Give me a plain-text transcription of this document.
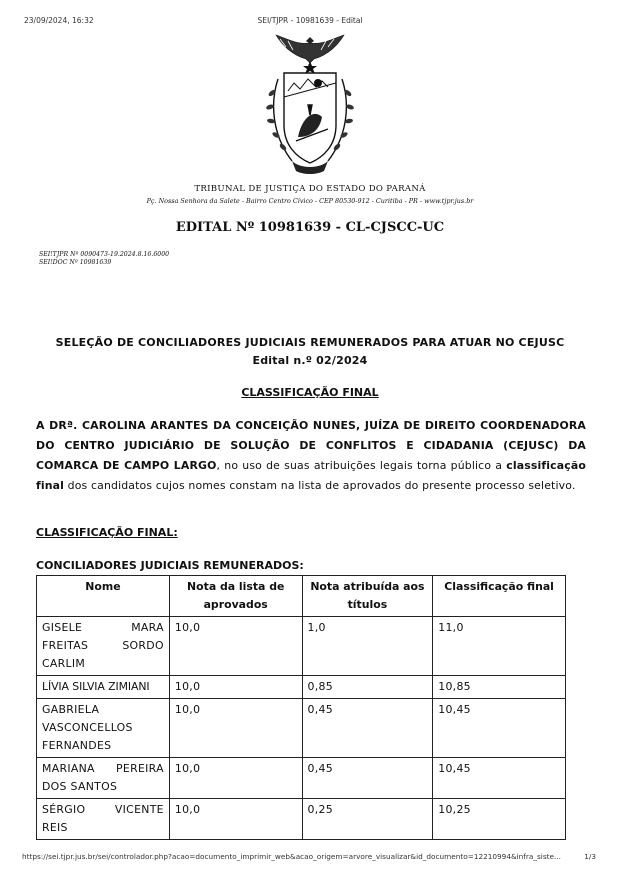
23/09/2024, 16:32	SEI/TJPR - 10981639 - Edital
TRIBUNAL DE JUSTIÇA DO ESTADO DO PARANÁ
Pç. Nossa Senhora da Salete - Bairro Centro Cívico - CEP 80530-912 - Curitiba - PR - www.tjpr.jus.br
EDITAL Nº 10981639 - CL-CJSCC-UC
SEI!TJPR Nº 0090473-19.2024.8.16.6000
SEI!DOC Nº 10981639
SELEÇÃO DE CONCILIADORES JUDICIAIS REMUNERADOS PARA ATUAR NO CEJUSC
Edital n.º 02/2024
CLASSIFICAÇÃO FINAL
A DRª. CAROLINA ARANTES DA CONCEIÇÃO NUNES, JUÍZA DE DIREITO COORDENADORA DO CENTRO JUDICIÁRIO DE SOLUÇÃO DE CONFLITOS E CIDADANIA (CEJUSC) DA COMARCA DE CAMPO LARGO, no uso de suas atribuições legais torna público a classificação final dos candidatos cujos nomes constam na lista de aprovados do presente processo seletivo.
CLASSIFICAÇÃO FINAL:
CONCILIADORES JUDICIAIS REMUNERADOS:
Nome	Nota da lista de aprovados	Nota atribuída aos títulos	Classificação final
GISELE MARA FREITAS SORDO CARLIM	10,0	1,0	11,0
LÍVIA SILVIA ZIMIANI	10,0	0,85	10,85
GABRIELA VASCONCELLOS FERNANDES	10,0	0,45	10,45
MARIANA PEREIRA DOS SANTOS	10,0	0,45	10,45
SÉRGIO VICENTE REIS	10,0	0,25	10,25
https://sei.tjpr.jus.br/sei/controlador.php?acao=documento_imprimir_web&acao_origem=arvore_visualizar&id_documento=12210994&infra_siste...	1/3
